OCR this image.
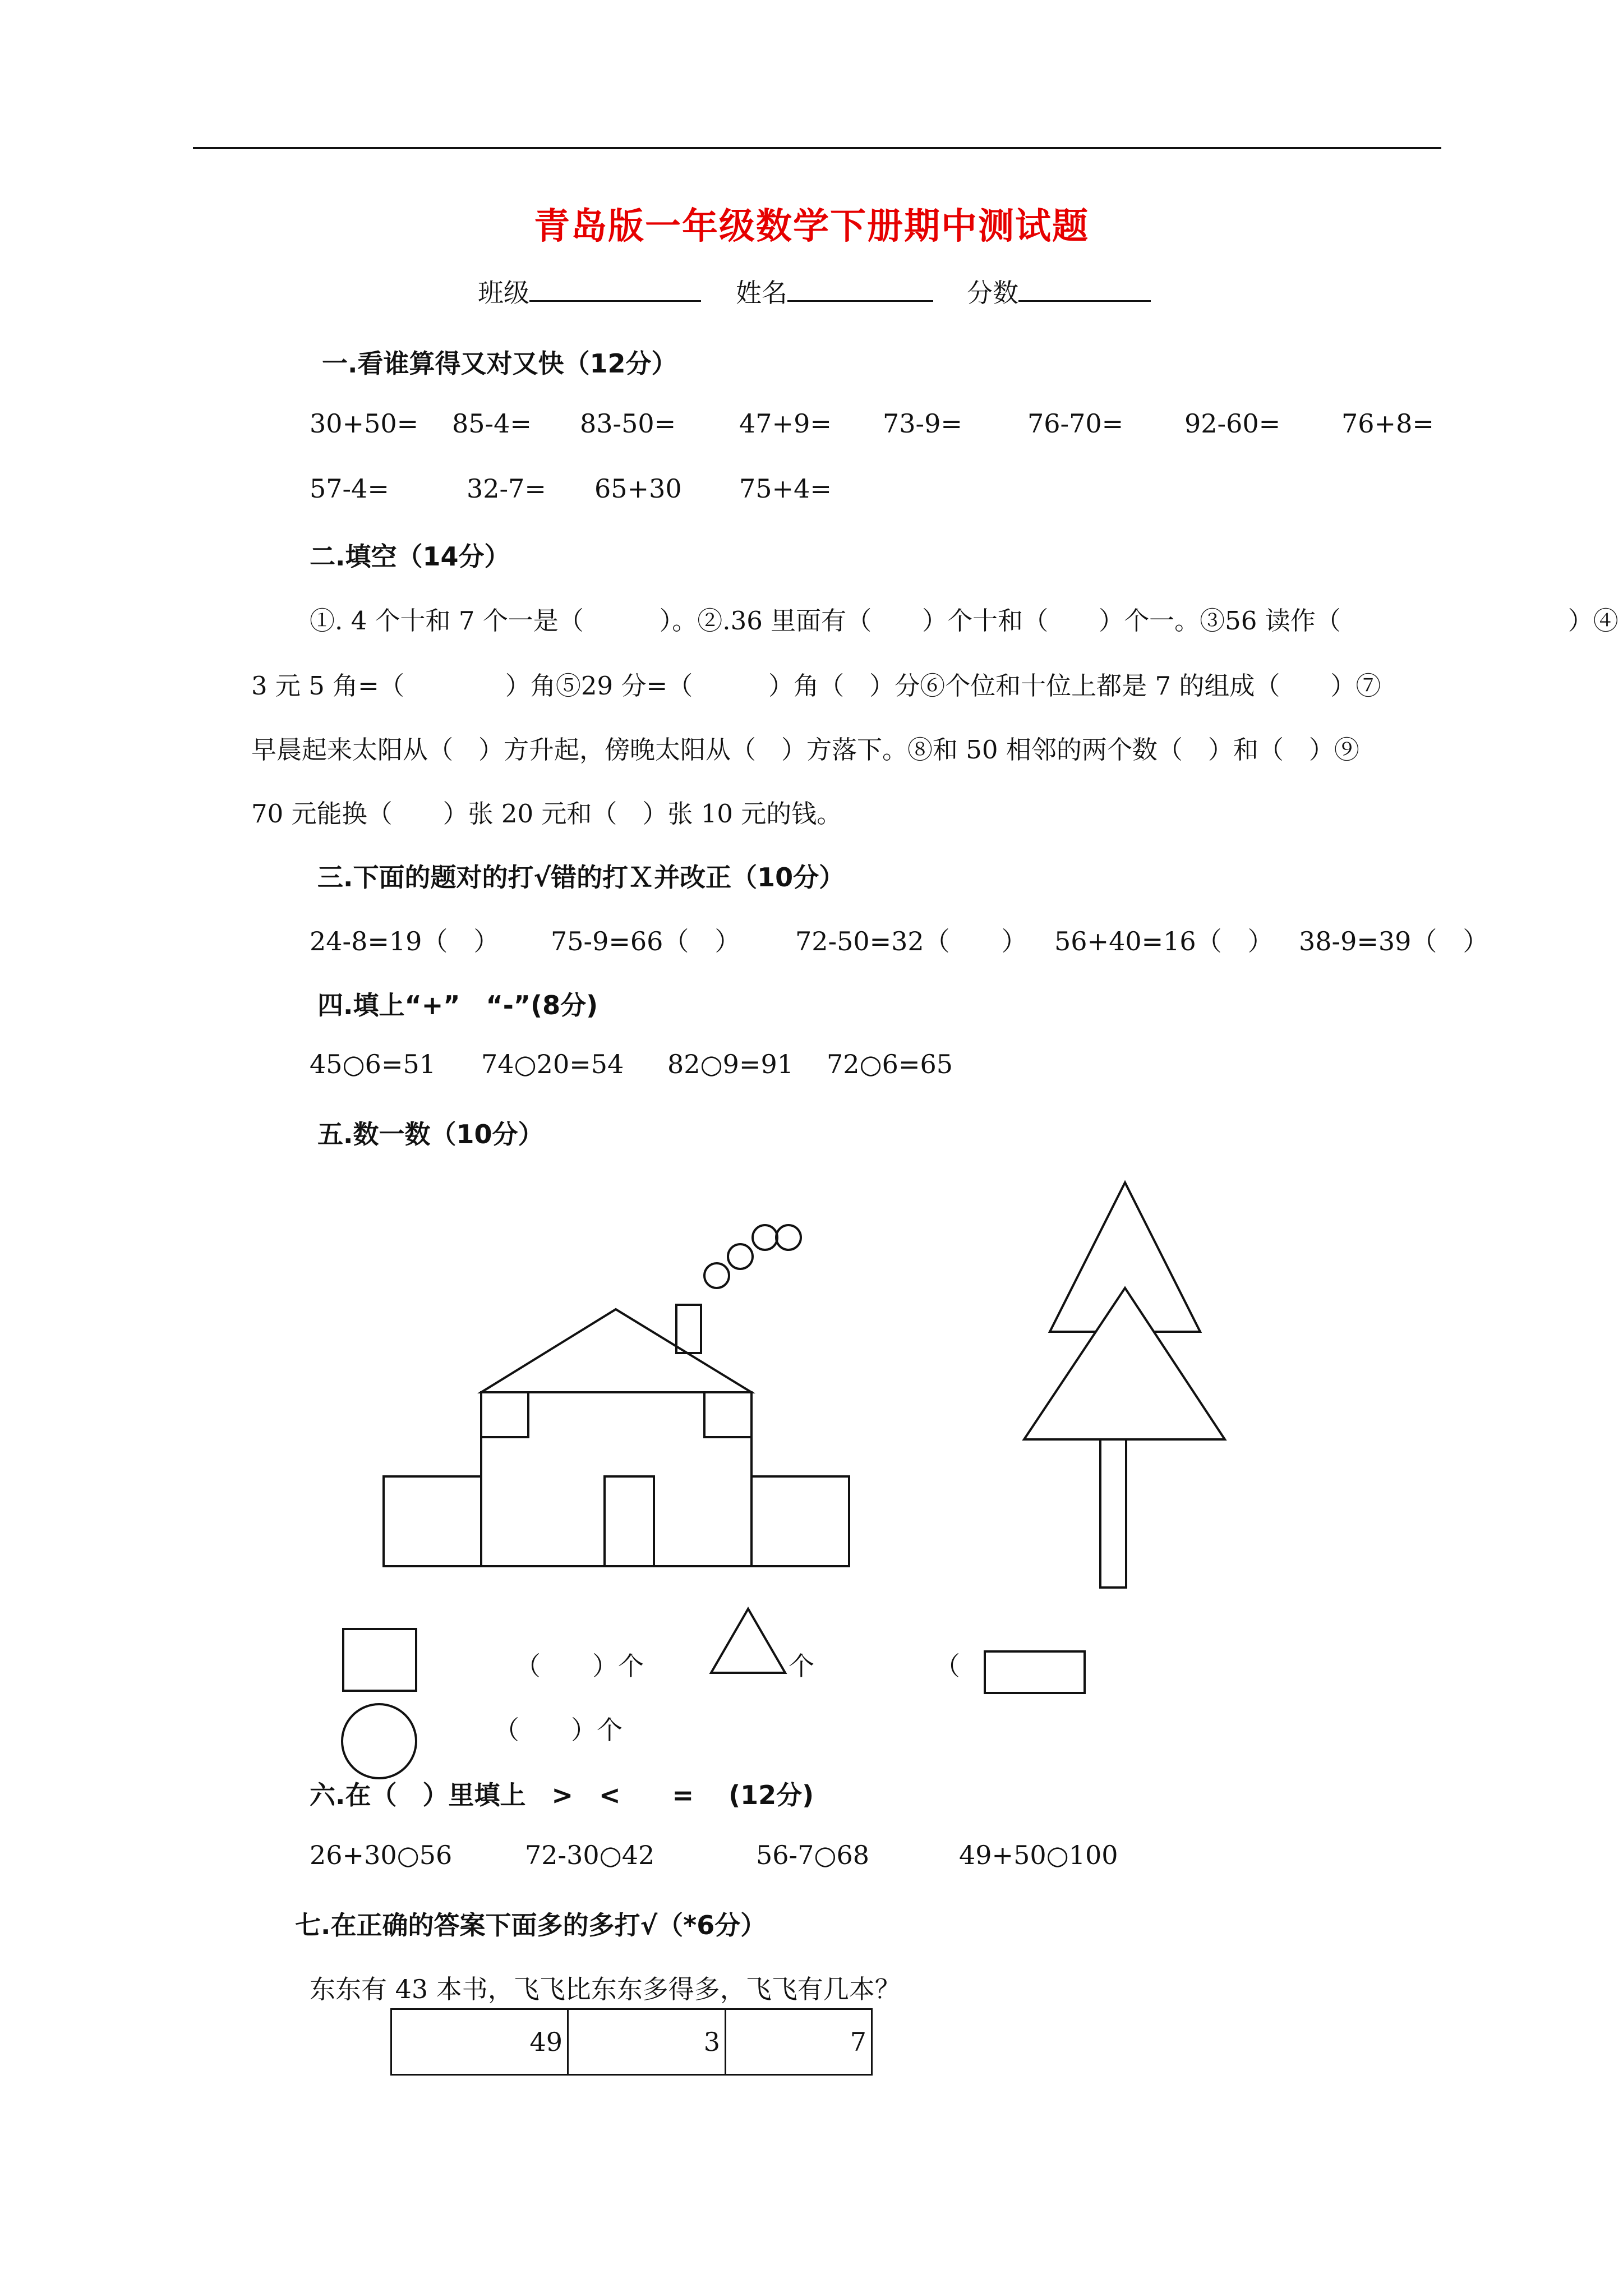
青岛版一年级数学下册期中测试题
班级	姓名	分数
一.看谁算得又对又快（12分）
30+50= 85-4= 83-50= 47+9= 73-9=	76-70= 92-60= 76+8=
57-4=	32-7= 65+30 75+4=
二.填空（14分）
①. 4 个十和 7 个一是（　　　）。②.36 里面有（　　）个十和（　　）个一。③56 读作（　　　　　　　　　）④
3 元 5 角=（　　　　）角⑤29 分=（　　　）角（　）分⑥个位和十位上都是 7 的组成（　　）⑦
早晨起来太阳从（　）方升起，傍晚太阳从（　）方落下。⑧和 50 相邻的两个数（　）和（　）⑨
70 元能换（　　）张 20 元和（　）张 10 元的钱。
三.下面的题对的打√错的打Ｘ并改正（10分）
24-8=19（　） 75-9=66（　） 72-50=32（　　） 56+40=16（　） 38-9=39（　）
四.填上“+”　“-”(8分)
45○6=51 74○20=54 82○9=91 72○6=65
五.数一数（10分）
（　　）个	个	（
（　　）个
六.在（　）里填上　>　<　　=　 (12分)
26+30○56	72-30○42	56-7○68	49+50○100
七.在正确的答案下面多的多打√（*6分）
东东有 43 本书，飞飞比东东多得多，飞飞有几本？
49	3	7
